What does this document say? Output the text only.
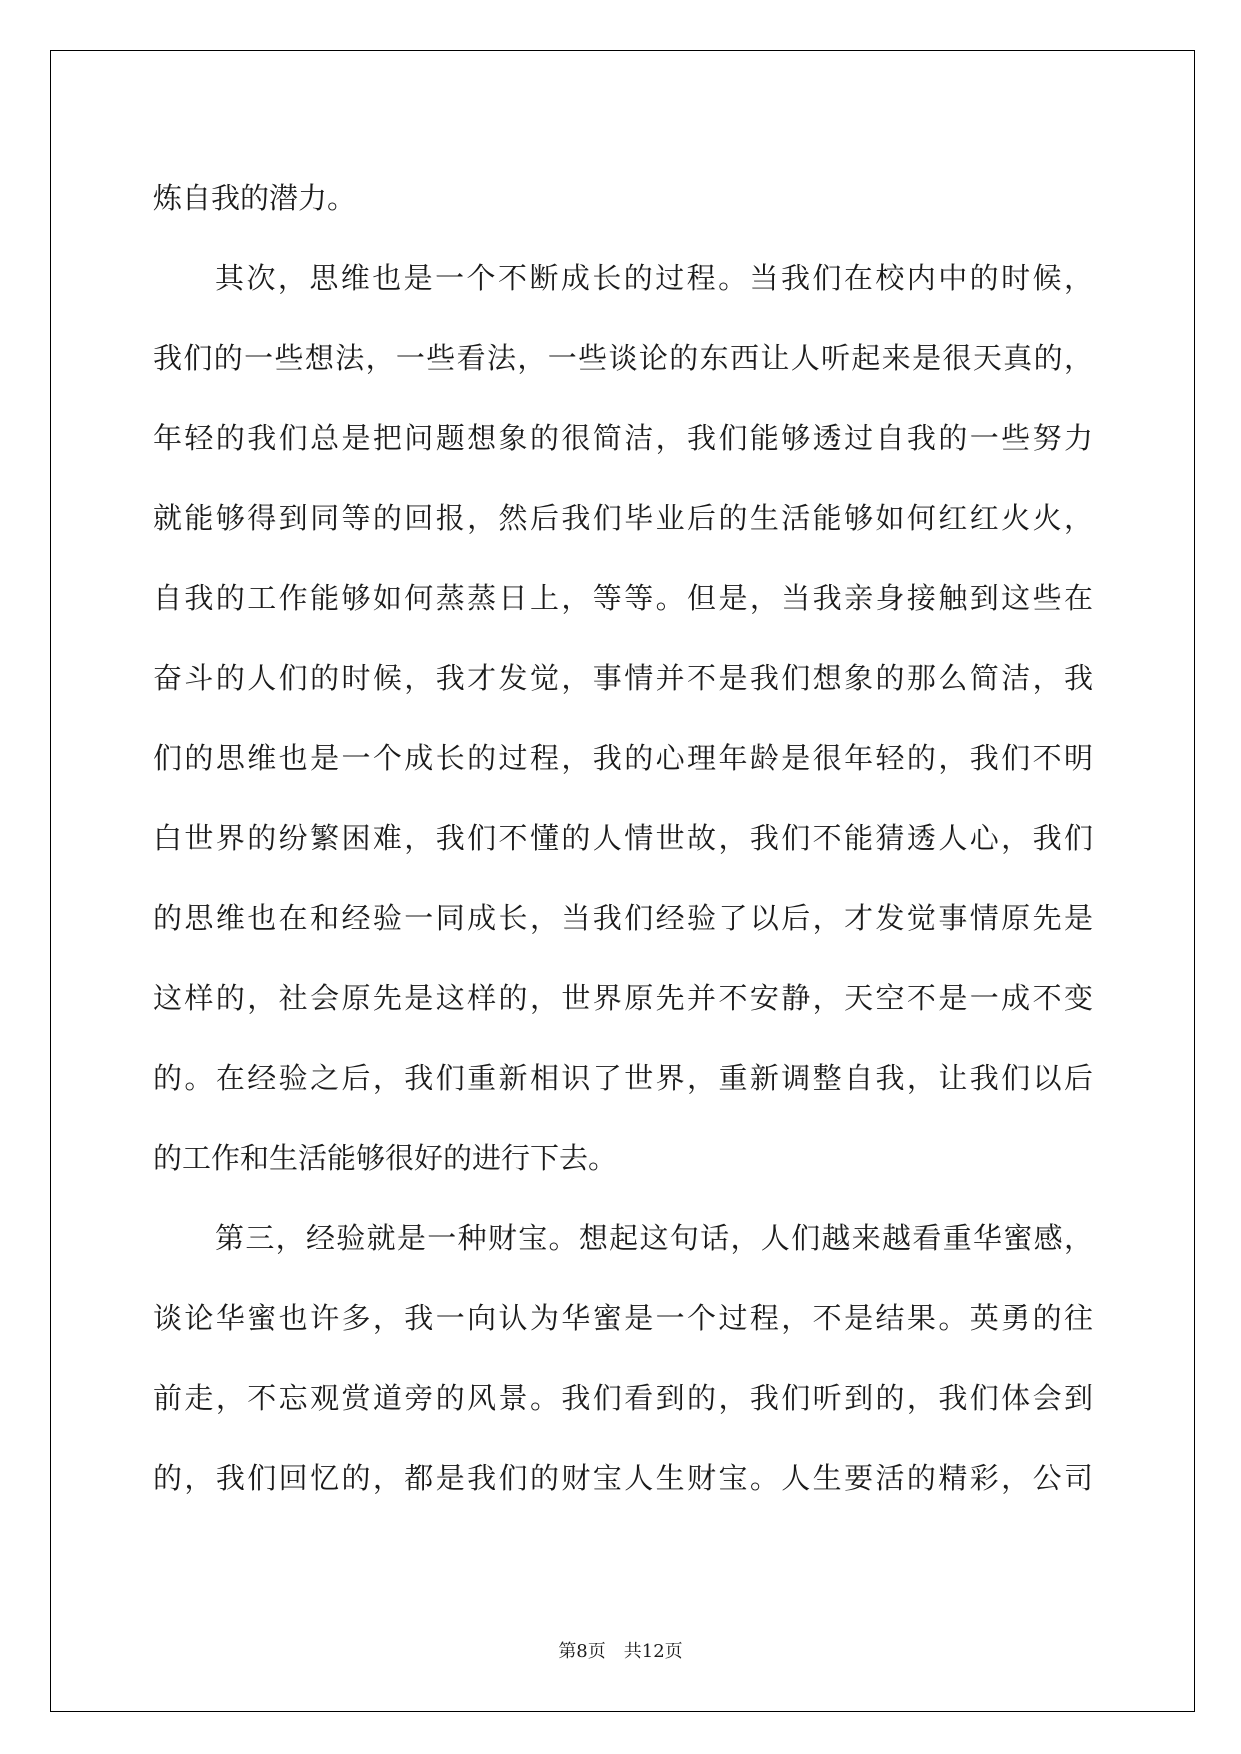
炼自我的潜力。
其次，思维也是一个不断成长的过程。当我们在校内中的时候，
我们的一些想法，一些看法，一些谈论的东西让人听起来是很天真的，
年轻的我们总是把问题想象的很简洁，我们能够透过自我的一些努力
就能够得到同等的回报，然后我们毕业后的生活能够如何红红火火，
自我的工作能够如何蒸蒸日上，等等。但是，当我亲身接触到这些在
奋斗的人们的时候，我才发觉，事情并不是我们想象的那么简洁，我
们的思维也是一个成长的过程，我的心理年龄是很年轻的，我们不明
白世界的纷繁困难，我们不懂的人情世故，我们不能猜透人心，我们
的思维也在和经验一同成长，当我们经验了以后，才发觉事情原先是
这样的，社会原先是这样的，世界原先并不安静，天空不是一成不变
的。在经验之后，我们重新相识了世界，重新调整自我，让我们以后
的工作和生活能够很好的进行下去。
第三，经验就是一种财宝。想起这句话，人们越来越看重华蜜感，
谈论华蜜也许多，我一向认为华蜜是一个过程，不是结果。英勇的往
前走，不忘观赏道旁的风景。我们看到的，我们听到的，我们体会到
的，我们回忆的，都是我们的财宝人生财宝。人生要活的精彩，公司
第8页　共12页
